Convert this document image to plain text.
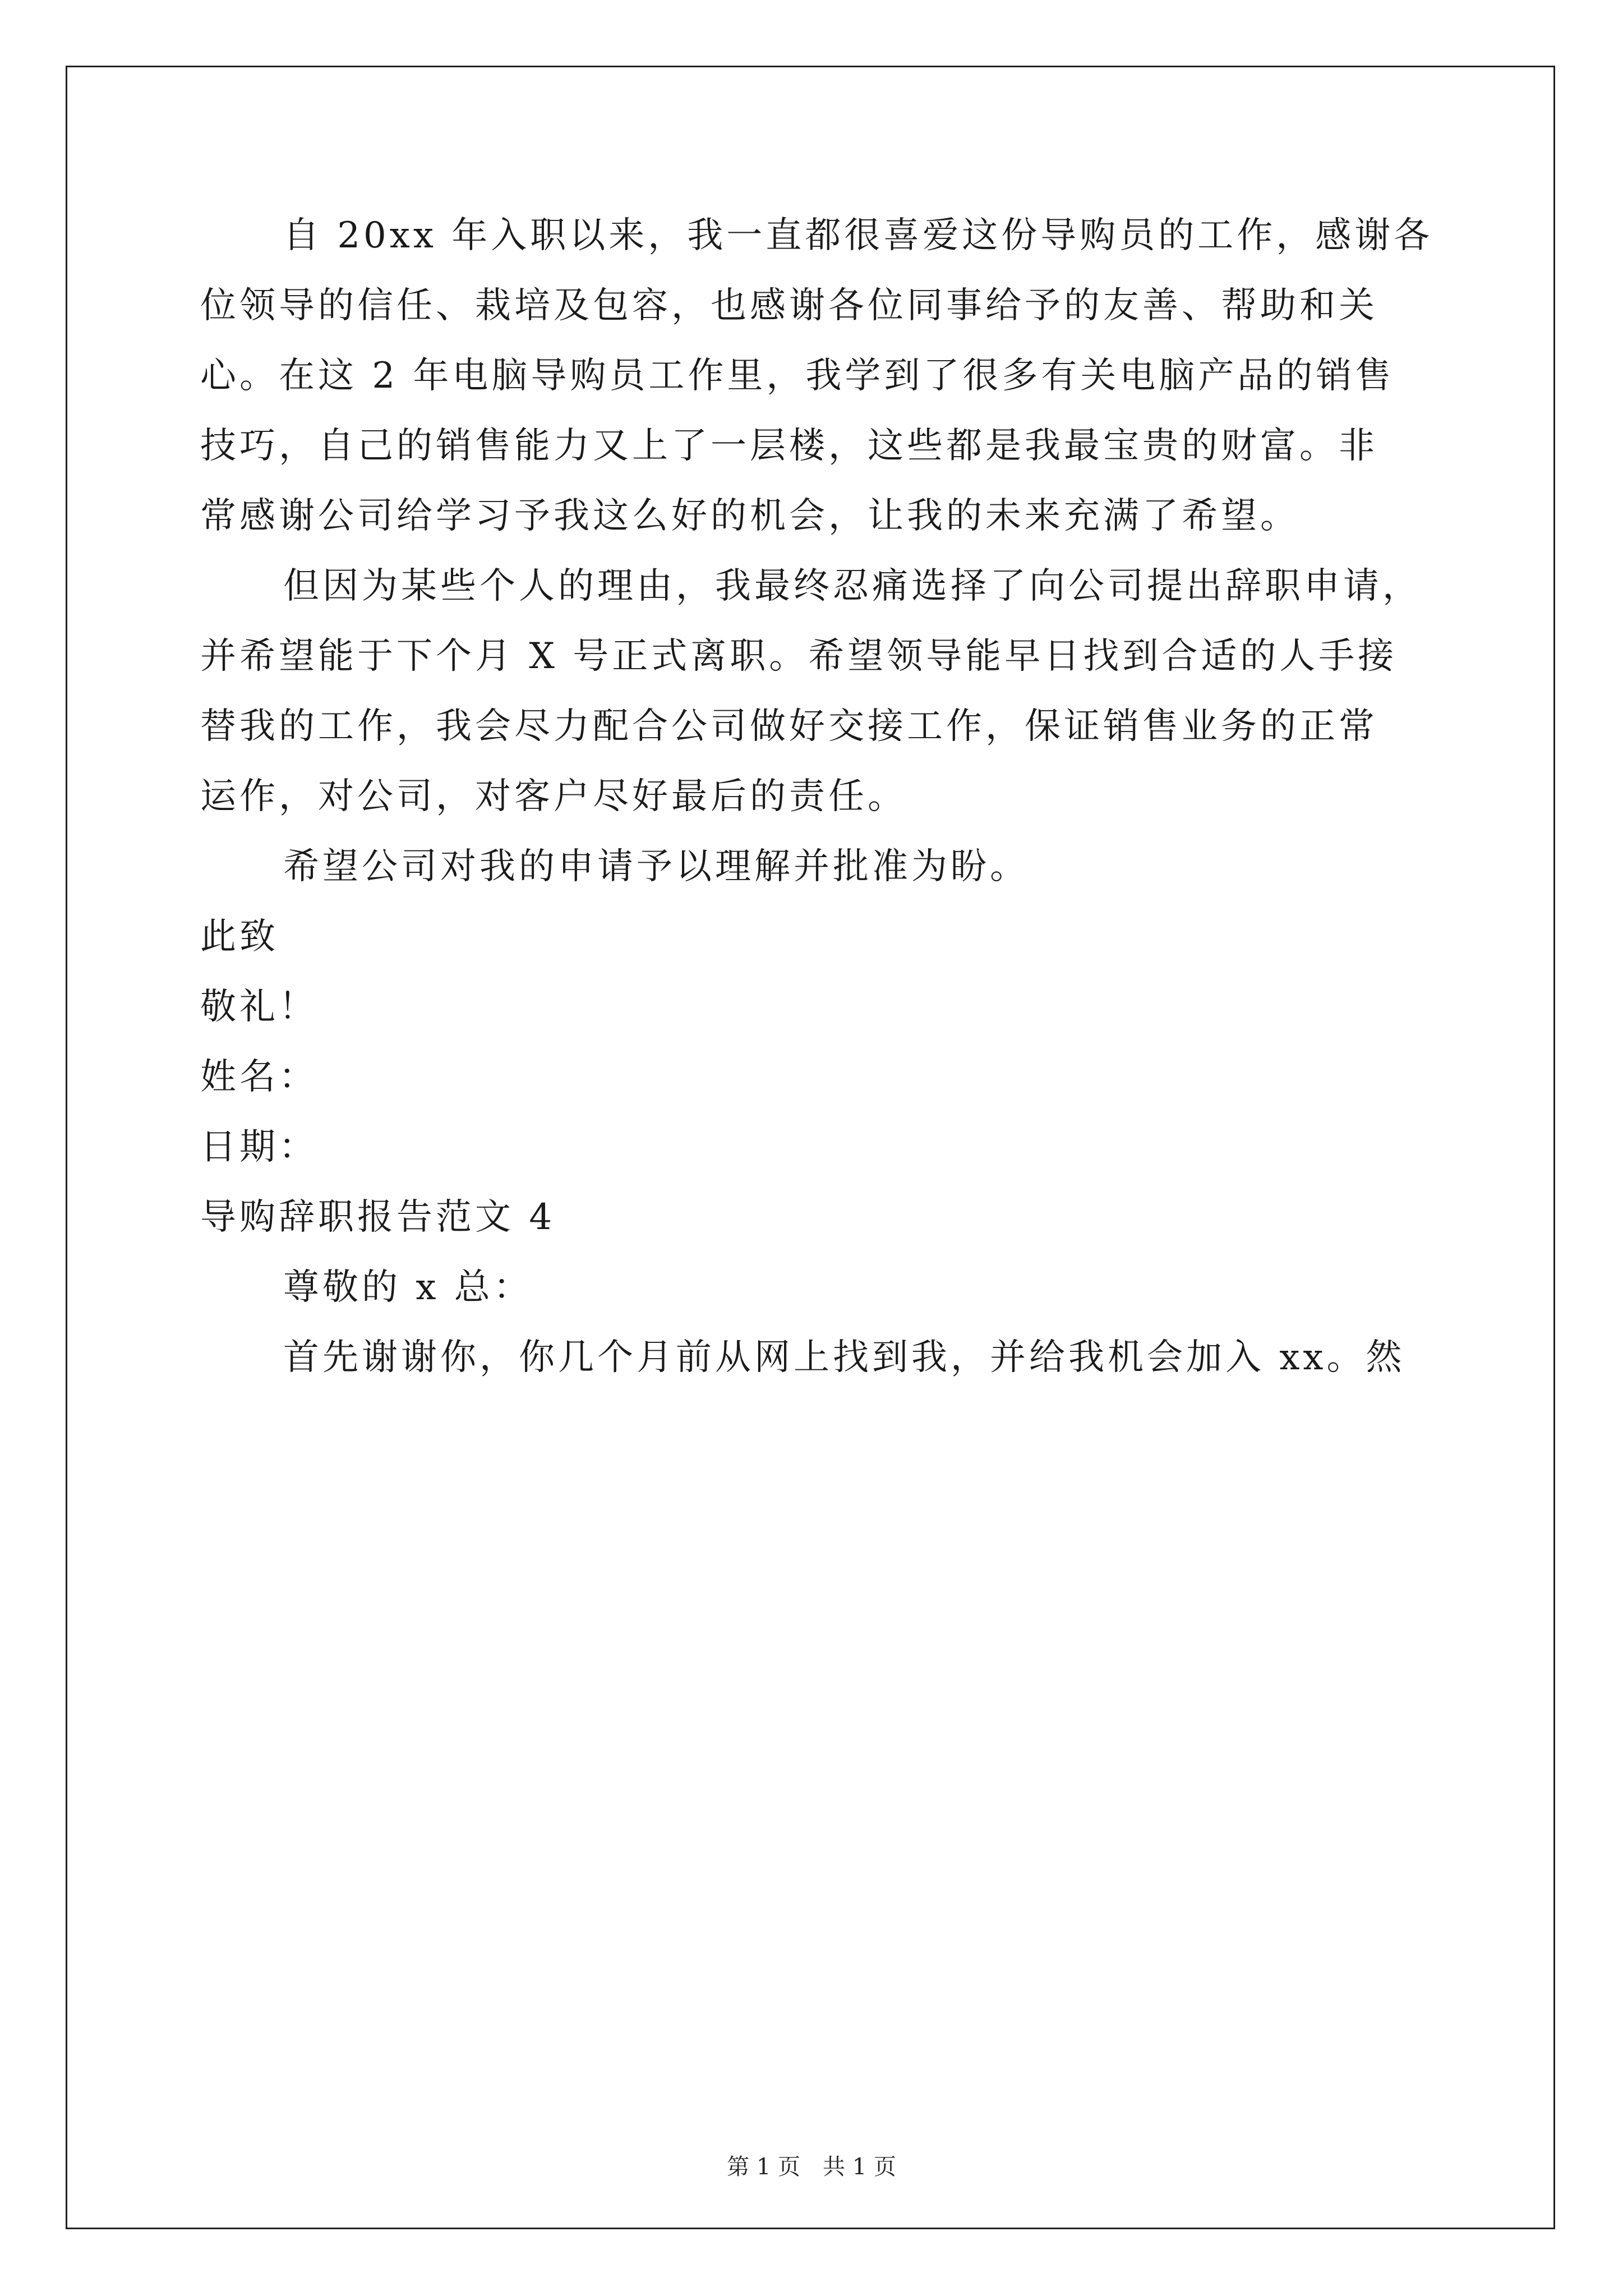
自 20xx 年入职以来，我一直都很喜爱这份导购员的工作，感谢各
位领导的信任、栽培及包容，也感谢各位同事给予的友善、帮助和关
心。在这 2 年电脑导购员工作里，我学到了很多有关电脑产品的销售
技巧，自己的销售能力又上了一层楼，这些都是我最宝贵的财富。非
常感谢公司给学习予我这么好的机会，让我的未来充满了希望。
但因为某些个人的理由，我最终忍痛选择了向公司提出辞职申请，
并希望能于下个月 X 号正式离职。希望领导能早日找到合适的人手接
替我的工作，我会尽力配合公司做好交接工作，保证销售业务的正常
运作，对公司，对客户尽好最后的责任。
希望公司对我的申请予以理解并批准为盼。
此致
敬礼！
姓名：
日期：
导购辞职报告范文 4
尊敬的 x 总：
首先谢谢你，你几个月前从网上找到我，并给我机会加入 xx。然
第 1 页　共 1 页
